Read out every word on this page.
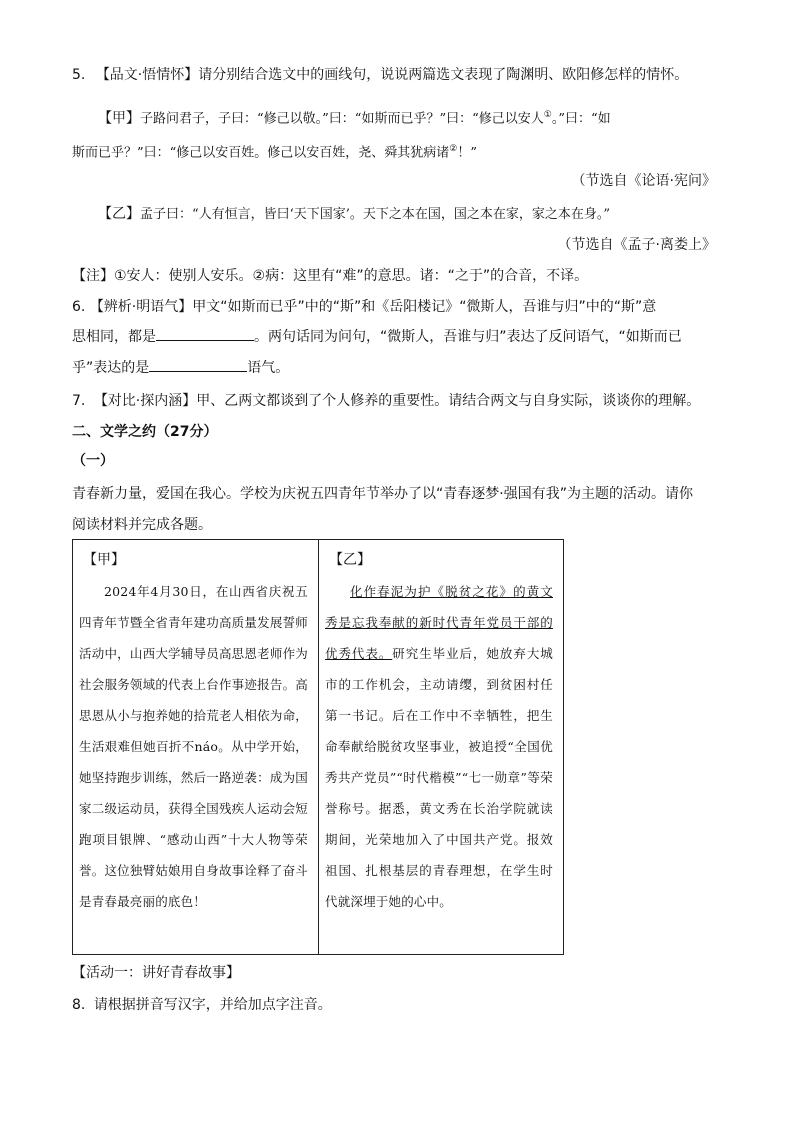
5. 【品文·悟情怀】请分别结合选文中的画线句，说说两篇选文表现了陶渊明、欧阳修怎样的情怀。
【甲】子路问君子，子曰：“修己以敬。”曰：“如斯而已乎？”曰：“修己以安人①。”曰：“如
斯而已乎？”曰：“修己以安百姓。修己以安百姓，尧、舜其犹病诸②！”
（节选自《论语·宪问》
【乙】孟子曰：“人有恒言，皆曰‘天下国家’。天下之本在国，国之本在家，家之本在身。”
（节选自《孟子·离娄上》
【注】①安人：使别人安乐。②病：这里有“难”的意思。诸：“之于”的合音，不译。
6. 【辨析·明语气】甲文“如斯而已乎”中的“斯”和《岳阳楼记》“微斯人，吾谁与归”中的“斯”意
思相同，都是	。两句话同为问句，“微斯人，吾谁与归”表达了反问语气，“如斯而已
乎”表达的是	语气。
7. 【对比·探内涵】甲、乙两文都谈到了个人修养的重要性。请结合两文与自身实际，谈谈你的理解。
二、文学之约（27分）
（一）
青春新力量，爱国在我心。学校为庆祝五四青年节举办了以“青春逐梦·强国有我”为主题的活动。请你
阅读材料并完成各题。
【甲】

2024年4月30日，在山西省庆祝五四青年节暨全省青年建功高质量发展誓师活动中，山西大学辅导员高思恩老师作为社会服务领域的代表上台作事迹报告。高思恩从小与抱养她的拾荒老人相依为命，生活艰难但她百折不náo。从中学开始，她坚持跑步训练，然后一路逆袭：成为国家二级运动员，获得全国残疾人运动会短跑项目银牌、“感动山西”十大人物等荣誉。这位独臂姑娘用自身故事诠释了奋斗是青春最亮丽的底色！

【乙】

化作春泥为护《脱贫之花》的黄文秀是忘我奉献的新时代青年党员干部的优秀代表。研究生毕业后，她放弃大城市的工作机会，主动请缨，到贫困村任第一书记。后在工作中不幸牺牲，把生命奉献给脱贫攻坚事业，被追授“全国优秀共产党员”“时代楷模”“七一勋章”等荣誉称号。据悉，黄文秀在长治学院就读期间，光荣地加入了中国共产党。报效祖国、扎根基层的青春理想，在学生时代就深埋于她的心中。

【活动一：讲好青春故事】
8. 请根据拼音写汉字，并给加点字注音。
